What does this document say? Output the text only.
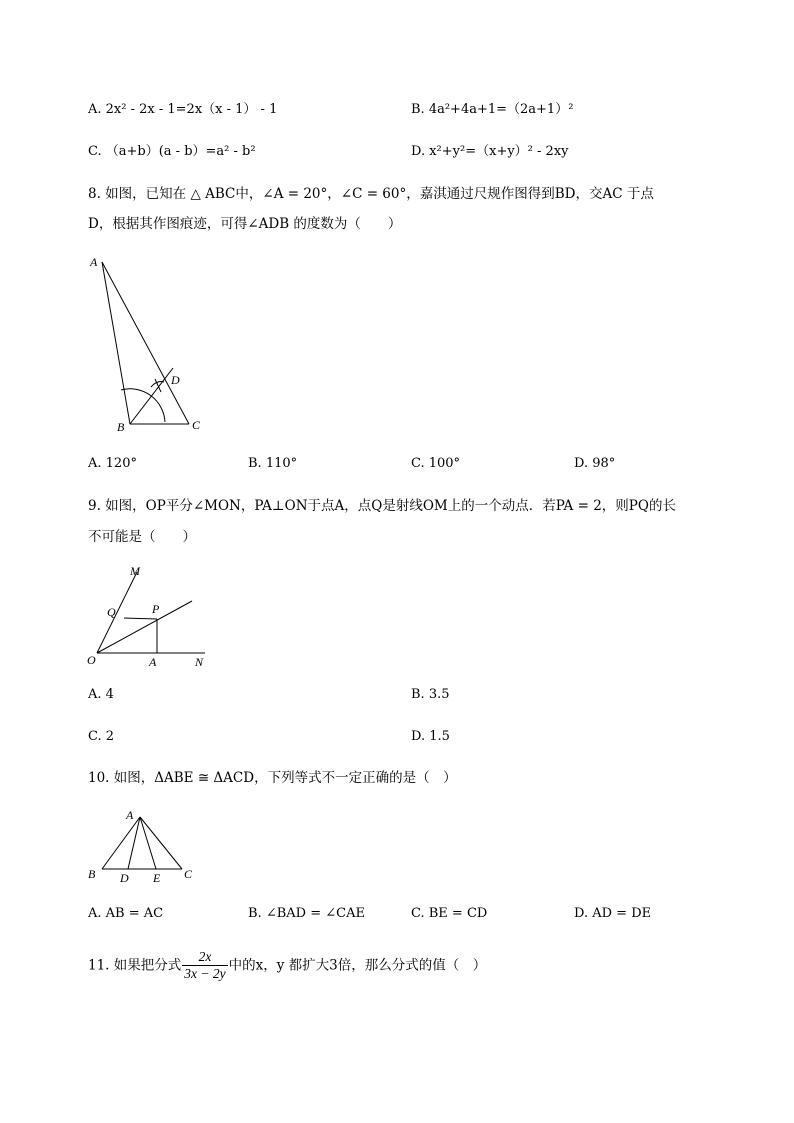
A. 2x² - 2x - 1=2x（x - 1） - 1	B. 4a²+4a+1=（2a+1）²
C. （a+b）(a - b）=a² - b²	D. x²+y²=（x+y）² - 2xy
8. 如图，已知在 △ ABC中，∠A = 20°，∠C = 60°，嘉淇通过尺规作图得到BD，交AC 于点
D，根据其作图痕迹，可得∠ADB 的度数为（　　）
A
D
B	C
A. 120°	B. 110°	C. 100°	D. 98°
9. 如图，OP平分∠MON，PA⊥ON于点A，点Q是射线OM上的一个动点．若PA = 2，则PQ的长
不可能是（　　）
M
Q	P
O	A	N
A. 4	B. 3.5
C. 2	D. 1.5
10. 如图，ΔABE ≅ ΔACD，下列等式不一定正确的是（　）
A
B D E C
A. AB = AC	B. ∠BAD = ∠CAE	C. BE = CD	D. AD = DE
11. 如果把分式 $\frac{2x}{3x - 2y}$ 中的x，y 都扩大3倍，那么分式的值（　）
